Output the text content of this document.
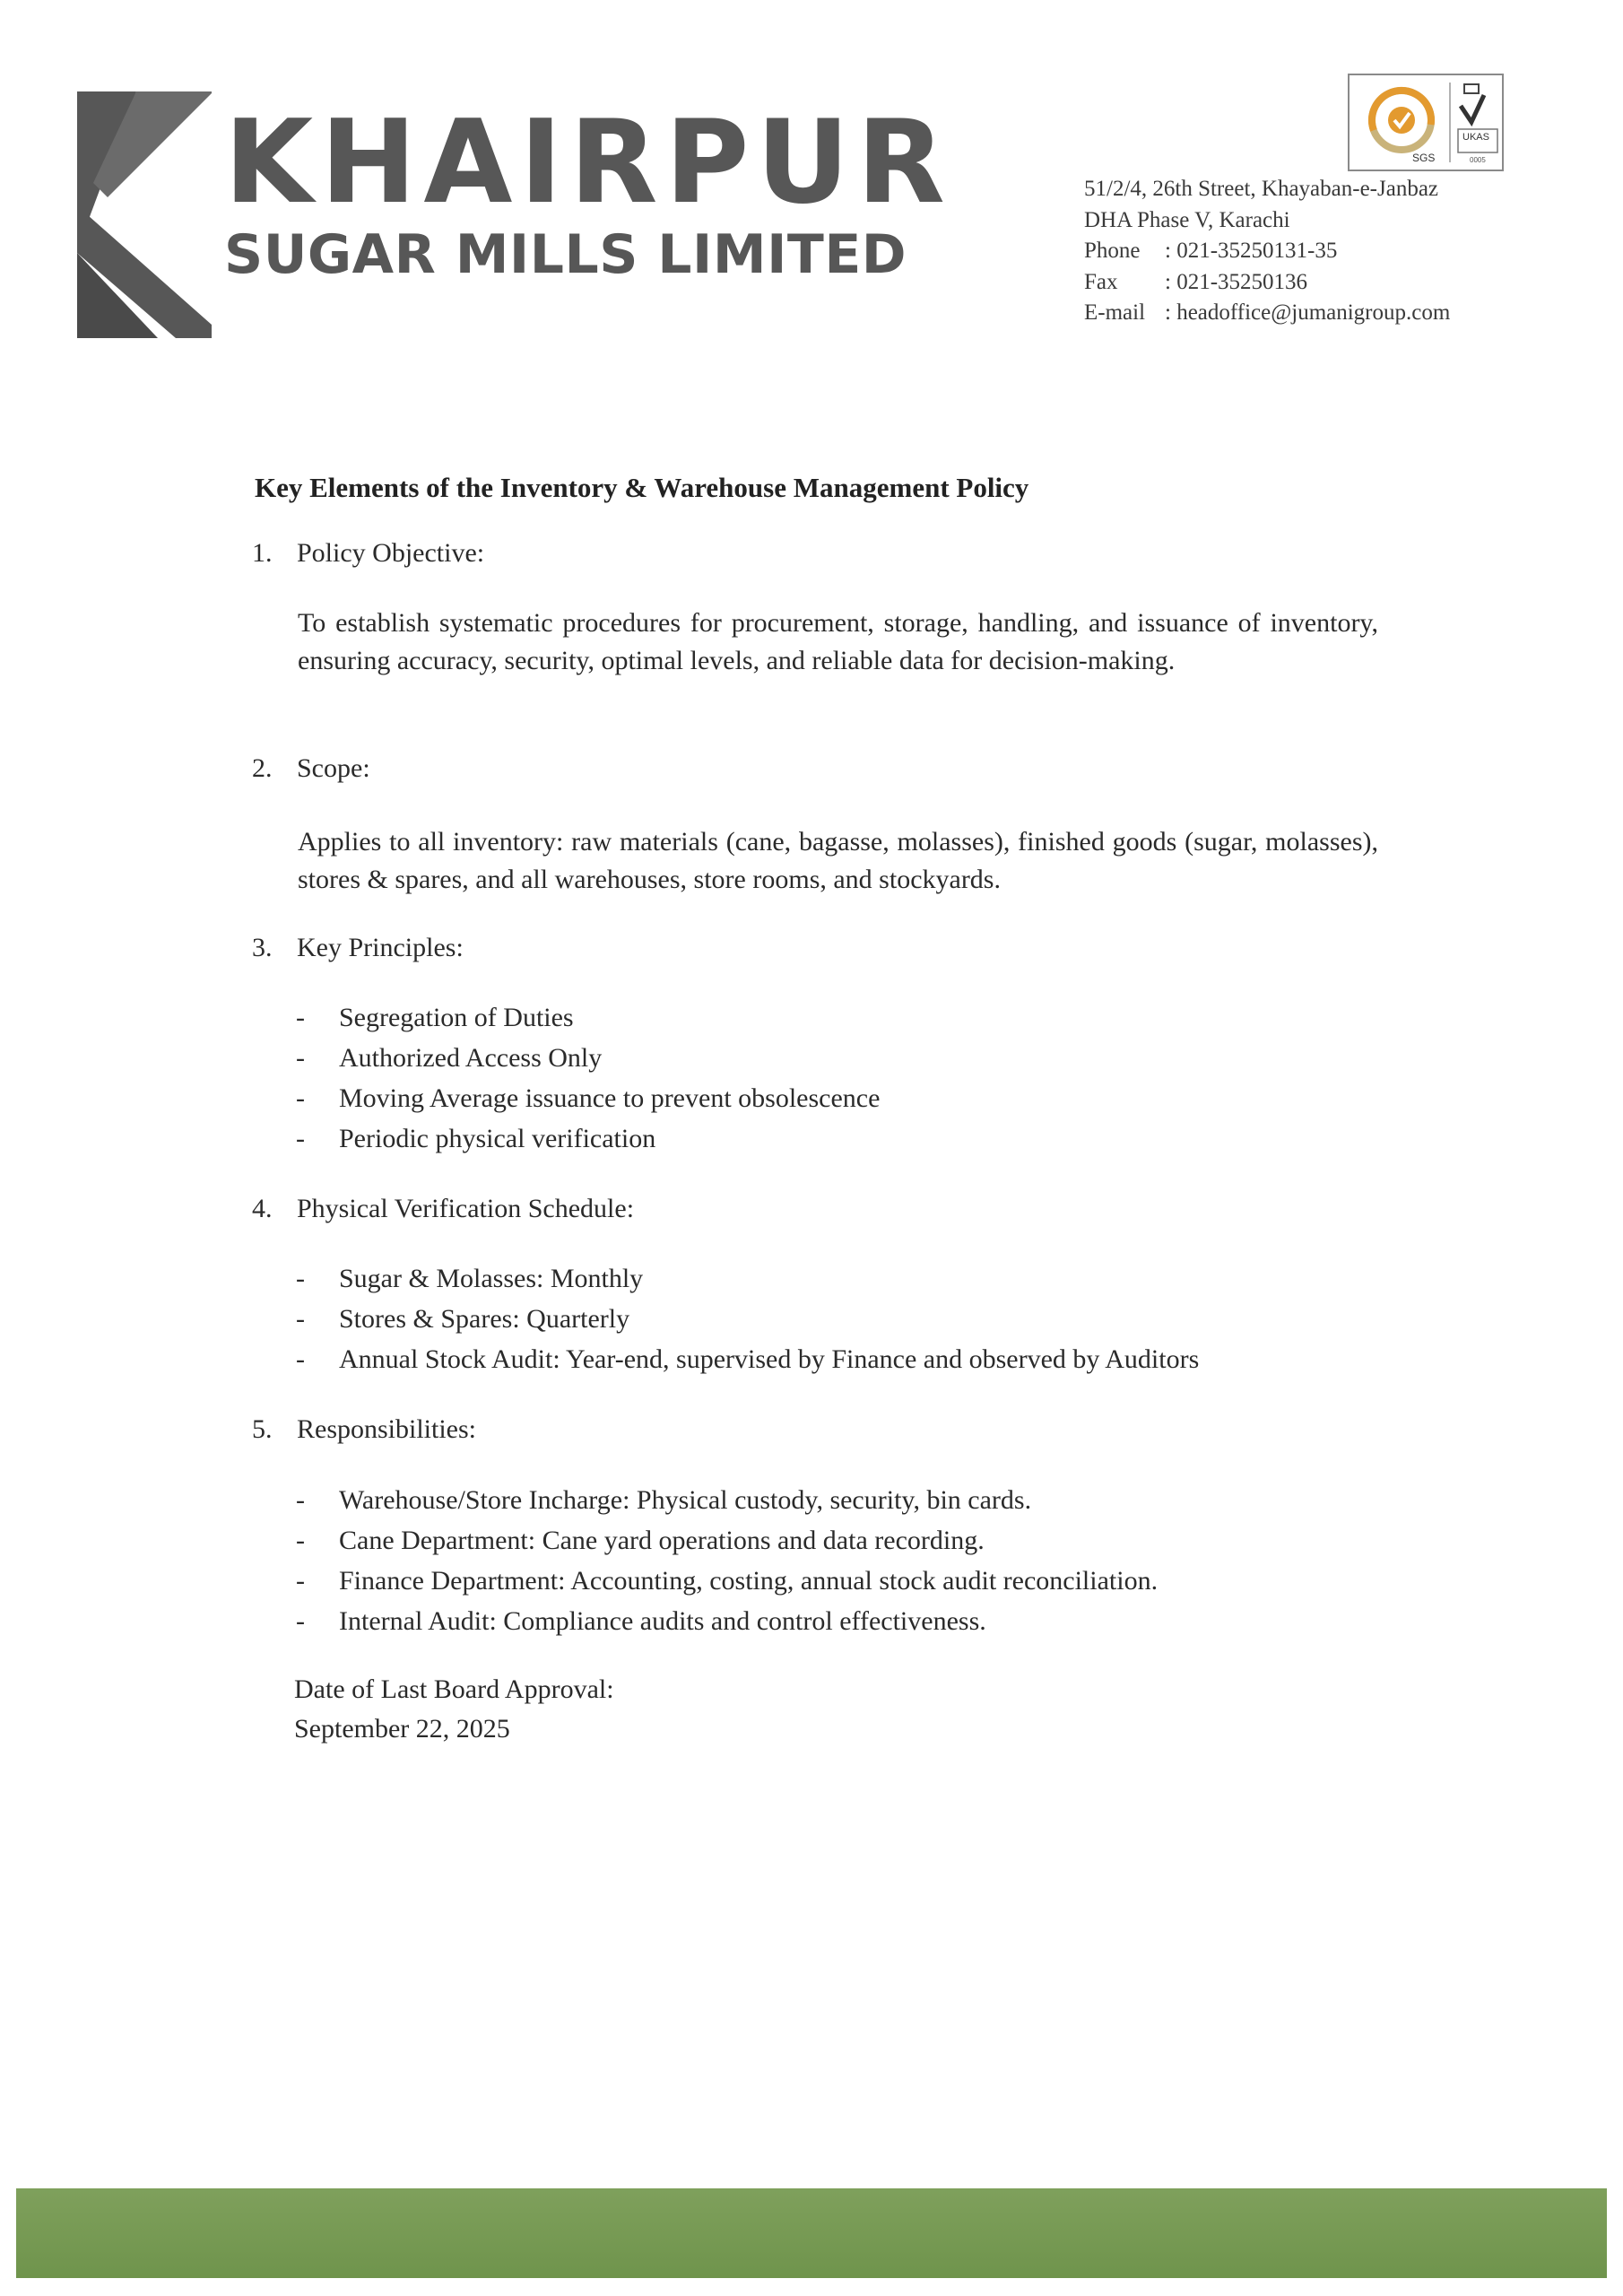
KHAIRPUR
SUGAR MILLS LIMITED
SGS
UKAS
0005
51/2/4, 26th Street, Khayaban-e-Janbaz
DHA Phase V, Karachi
Phone : 021-35250131-35
Fax : 021-35250136
E-mail : headoffice@jumanigroup.com
Key Elements of the Inventory & Warehouse Management Policy
1. Policy Objective:
To establish systematic procedures for procurement, storage, handling, and issuance of inventory, ensuring accuracy, security, optimal levels, and reliable data for decision-making.
2. Scope:
Applies to all inventory: raw materials (cane, bagasse, molasses), finished goods (sugar, molasses), stores & spares, and all warehouses, store rooms, and stockyards.
3. Key Principles:
- Segregation of Duties
- Authorized Access Only
- Moving Average issuance to prevent obsolescence
- Periodic physical verification
4. Physical Verification Schedule:
- Sugar & Molasses: Monthly
- Stores & Spares: Quarterly
- Annual Stock Audit: Year-end, supervised by Finance and observed by Auditors
5. Responsibilities:
- Warehouse/Store Incharge: Physical custody, security, bin cards.
- Cane Department: Cane yard operations and data recording.
- Finance Department: Accounting, costing, annual stock audit reconciliation.
- Internal Audit: Compliance audits and control effectiveness.
Date of Last Board Approval:
September 22, 2025
